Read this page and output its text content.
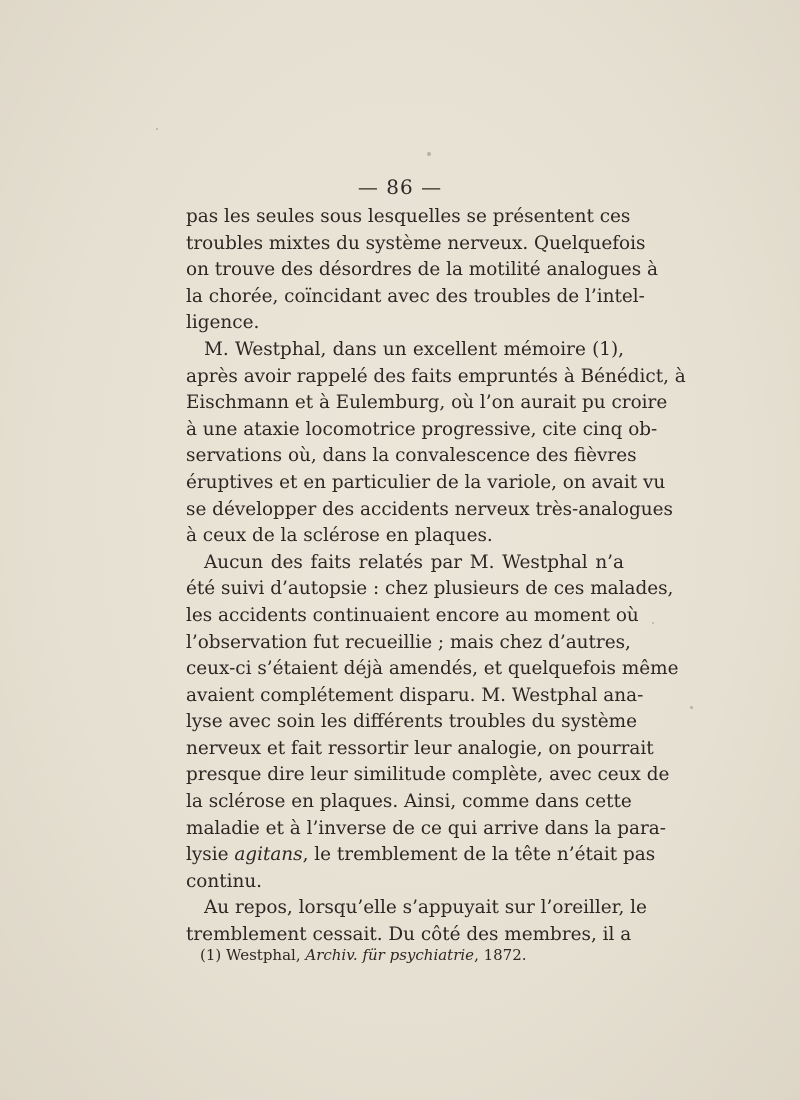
— 86 —
pas les seules sous lesquelles se présentent ces
troubles mixtes du système nerveux. Quelquefois
on trouve des désordres de la motilité analogues à
la chorée, coïncidant avec des troubles de l’intel-
ligence.
M. Westphal, dans un excellent mémoire (1),
après avoir rappelé des faits empruntés à Bénédict, à
Eischmann et à Eulemburg, où l’on aurait pu croire
à une ataxie locomotrice progressive, cite cinq ob-
servations où, dans la convalescence des fièvres
éruptives et en particulier de la variole, on avait vu
se développer des accidents nerveux très-analogues
à ceux de la sclérose en plaques.
Aucun des faits relatés par M. Westphal n’a
été suivi d’autopsie : chez plusieurs de ces malades,
les accidents continuaient encore au moment où
l’observation fut recueillie ; mais chez d’autres,
ceux-ci s’étaient déjà amendés, et quelquefois même
avaient complétement disparu. M. Westphal ana-
lyse avec soin les différents troubles du système
nerveux et fait ressortir leur analogie, on pourrait
presque dire leur similitude complète, avec ceux de
la sclérose en plaques. Ainsi, comme dans cette
maladie et à l’inverse de ce qui arrive dans la para-
lysie agitans, le tremblement de la tête n’était pas
continu.
Au repos, lorsqu’elle s’appuyait sur l’oreiller, le
tremblement cessait. Du côté des membres, il a
(1) Westphal, Archiv. für psychiatrie, 1872.
